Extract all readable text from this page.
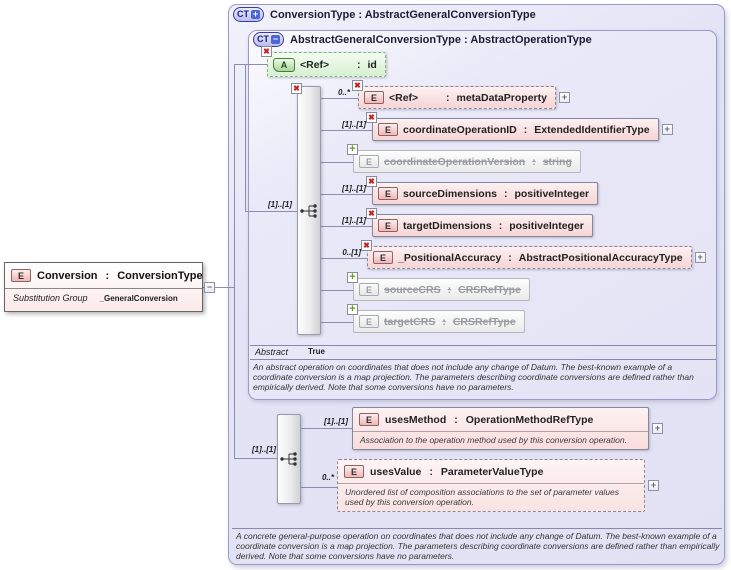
CT + ConversionType : AbstractGeneralConversionType
CT − AbstractGeneralConversionType : AbstractOperationType
−
✖
A	<Ref>	: id
✖
[1]..[1]
0..*
✖
E	<Ref>	: metaDataProperty	+
[1]..[1]
✖
E	coordinateOperationID : ExtendedIdentifierType	+
+
E	coordinateOperationVersion : string
[1]..[1]
✖
E	sourceDimensions : positiveInteger
[1]..[1]
✖
E	targetDimensions : positiveInteger
0..[1]
✖
E	_PositionalAccuracy : AbstractPositionalAccuracyType	+
+
E	sourceCRS : CRSRefType
+
E	targetCRS : CRSRefType
Abstract	True
An abstract operation on coordinates that does not include any change of Datum. The best-known example of a coordinate conversion is a map projection. The parameters describing coordinate conversions are defined rather than empirically derived. Note that some conversions have no parameters.
[1]..[1]
[1]..[1]	E	usesMethod : OperationMethodRefType
Association to the operation method used by this conversion operation.
+
0..*
E	usesValue : ParameterValueType
Unordered list of composition associations to the set of parameter values used by this conversion operation.
+
A concrete general-purpose operation on coordinates that does not include any change of Datum. The best-known example of a coordinate conversion is a map projection. The parameters describing coordinate conversions are defined rather than empirically derived. Note that some conversions have no parameters.
E	Conversion : ConversionType
Substitution Group _GeneralConversion
